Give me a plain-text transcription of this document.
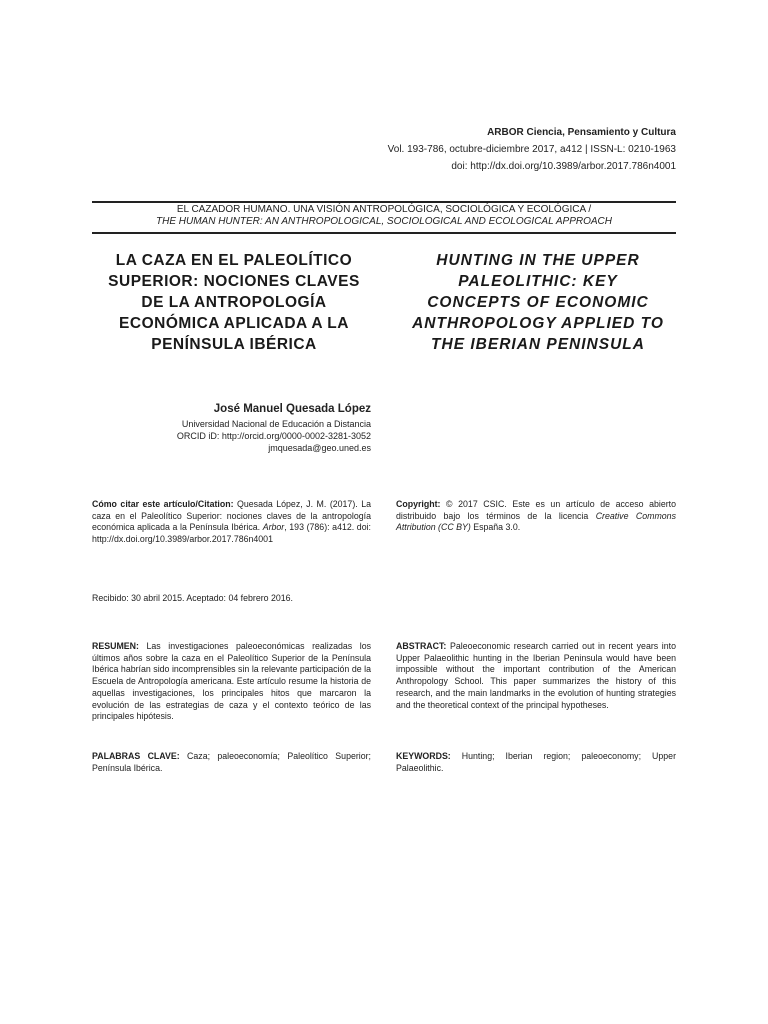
ARBOR Ciencia, Pensamiento y Cultura
Vol. 193-786, octubre-diciembre 2017, a412 | ISSN-L: 0210-1963
doi: http://dx.doi.org/10.3989/arbor.2017.786n4001
EL CAZADOR HUMANO. UNA VISIÓN ANTROPOLÓGICA, SOCIOLÓGICA Y ECOLÓGICA /
THE HUMAN HUNTER: AN ANTHROPOLOGICAL, SOCIOLOGICAL AND ECOLOGICAL APPROACH
LA CAZA EN EL PALEOLÍTICO
SUPERIOR: NOCIONES CLAVES
DE LA ANTROPOLOGÍA
ECONÓMICA APLICADA A LA
PENÍNSULA IBÉRICA
HUNTING IN THE UPPER
PALEOLITHIC: KEY
CONCEPTS OF ECONOMIC
ANTHROPOLOGY APPLIED TO
THE IBERIAN PENINSULA
José Manuel Quesada López
Universidad Nacional de Educación a Distancia
ORCID iD: http://orcid.org/0000-0002-3281-3052
jmquesada@geo.uned.es
Cómo citar este artículo/Citation: Quesada López, J. M. (2017). La caza en el Paleolítico Superior: nociones claves de la antropología económica aplicada a la Península Ibérica. Arbor, 193 (786): a412. doi: http://dx.doi.org/10.3989/arbor.2017.786n4001
Copyright: © 2017 CSIC. Este es un artículo de acceso abierto distribuido bajo los términos de la licencia Creative Commons Attribution (CC BY) España 3.0.
Recibido: 30 abril 2015. Aceptado: 04 febrero 2016.
RESUMEN: Las investigaciones paleoeconómicas realizadas los últimos años sobre la caza en el Paleolítico Superior de la Península Ibérica habrían sido incomprensibles sin la relevante participación de la Escuela de Antropología americana. Este artículo resume la historia de aquellas investigaciones, los principales hitos que marcaron la evolución de las estrategias de caza y el contexto teórico de las principales hipótesis.
ABSTRACT: Paleoeconomic research carried out in recent years into Upper Palaeolithic hunting in the Iberian Peninsula would have been impossible without the important contribution of the American Anthropology School. This paper summarizes the history of this research, and the main landmarks in the evolution of hunting strategies and the theoretical context of the principal hypotheses.
PALABRAS CLAVE: Caza; paleoeconomía; Paleolítico Superior; Península Ibérica.
KEYWORDS: Hunting; Iberian region; paleoeconomy; Upper Palaeolithic.
